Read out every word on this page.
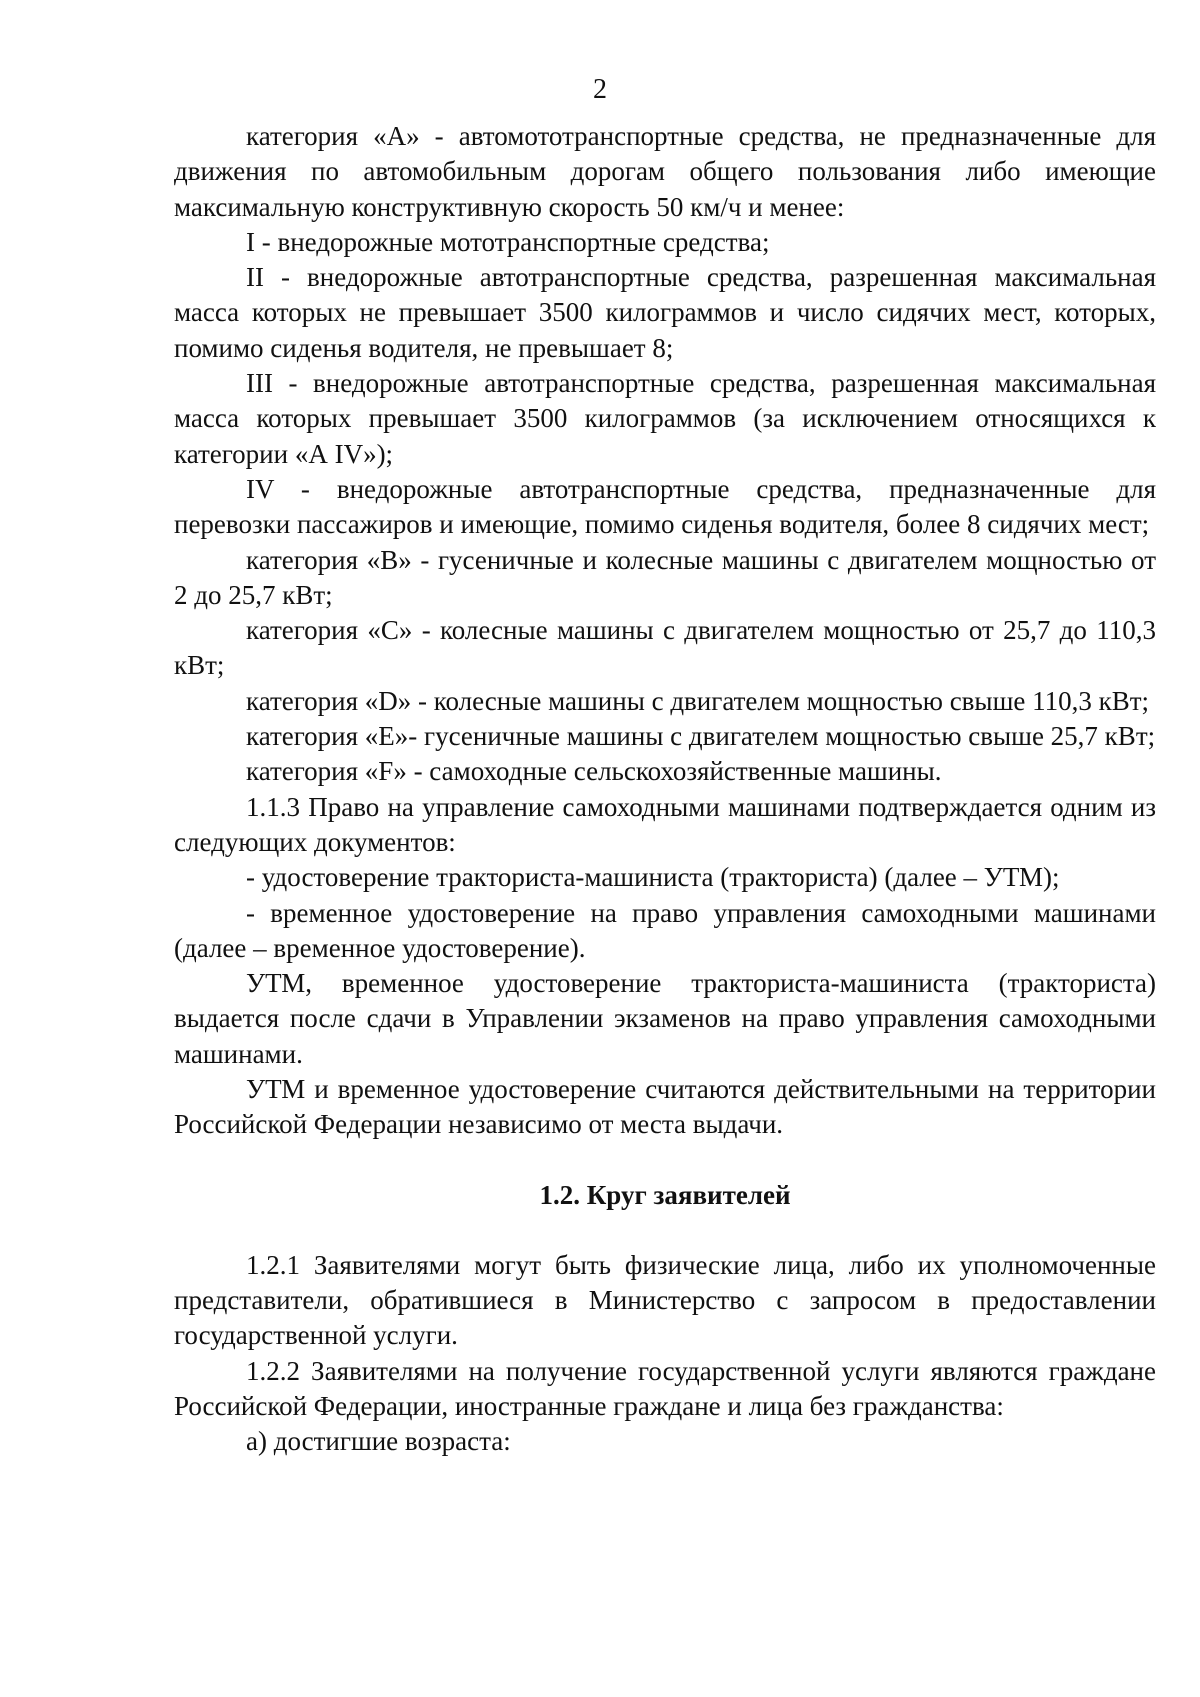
2

категория «А» - автомототранспортные средства, не предназначенные для движения по автомобильным дорогам общего пользования либо имеющие максимальную конструктивную скорость 50 км/ч и менее:

I - внедорожные мототранспортные средства;

II - внедорожные автотранспортные средства, разрешенная максимальная масса которых не превышает 3500 килограммов и число сидячих мест, которых, помимо сиденья водителя, не превышает 8;

III - внедорожные автотранспортные средства, разрешенная максимальная масса которых превышает 3500 килограммов (за исключением относящихся к категории «А IV»);

IV - внедорожные автотранспортные средства, предназначенные для перевозки пассажиров и имеющие, помимо сиденья водителя, более 8 сидячих мест;

категория «В» - гусеничные и колесные машины с двигателем мощностью от 2 до 25,7 кВт;

категория «С» - колесные машины с двигателем мощностью от 25,7 до 110,3 кВт;

категория «D» - колесные машины с двигателем мощностью свыше 110,3 кВт;

категория «Е»- гусеничные машины с двигателем мощностью свыше 25,7 кВт;

категория «F» - самоходные сельскохозяйственные машины.

1.1.3 Право на управление самоходными машинами подтверждается одним из следующих документов:

- удостоверение тракториста-машиниста (тракториста) (далее – УТМ);

- временное удостоверение на право управления самоходными машинами (далее – временное удостоверение).

УТМ, временное удостоверение тракториста-машиниста (тракториста) выдается после сдачи в Управлении экзаменов на право управления самоходными машинами.

УТМ и временное удостоверение считаются действительными на территории Российской Федерации независимо от места выдачи.

1.2. Круг заявителей

1.2.1 Заявителями могут быть физические лица, либо их уполномоченные представители, обратившиеся в Министерство с запросом в предоставлении государственной услуги.

1.2.2 Заявителями на получение государственной услуги являются граждане Российской Федерации, иностранные граждане и лица без гражданства:

а) достигшие возраста:
